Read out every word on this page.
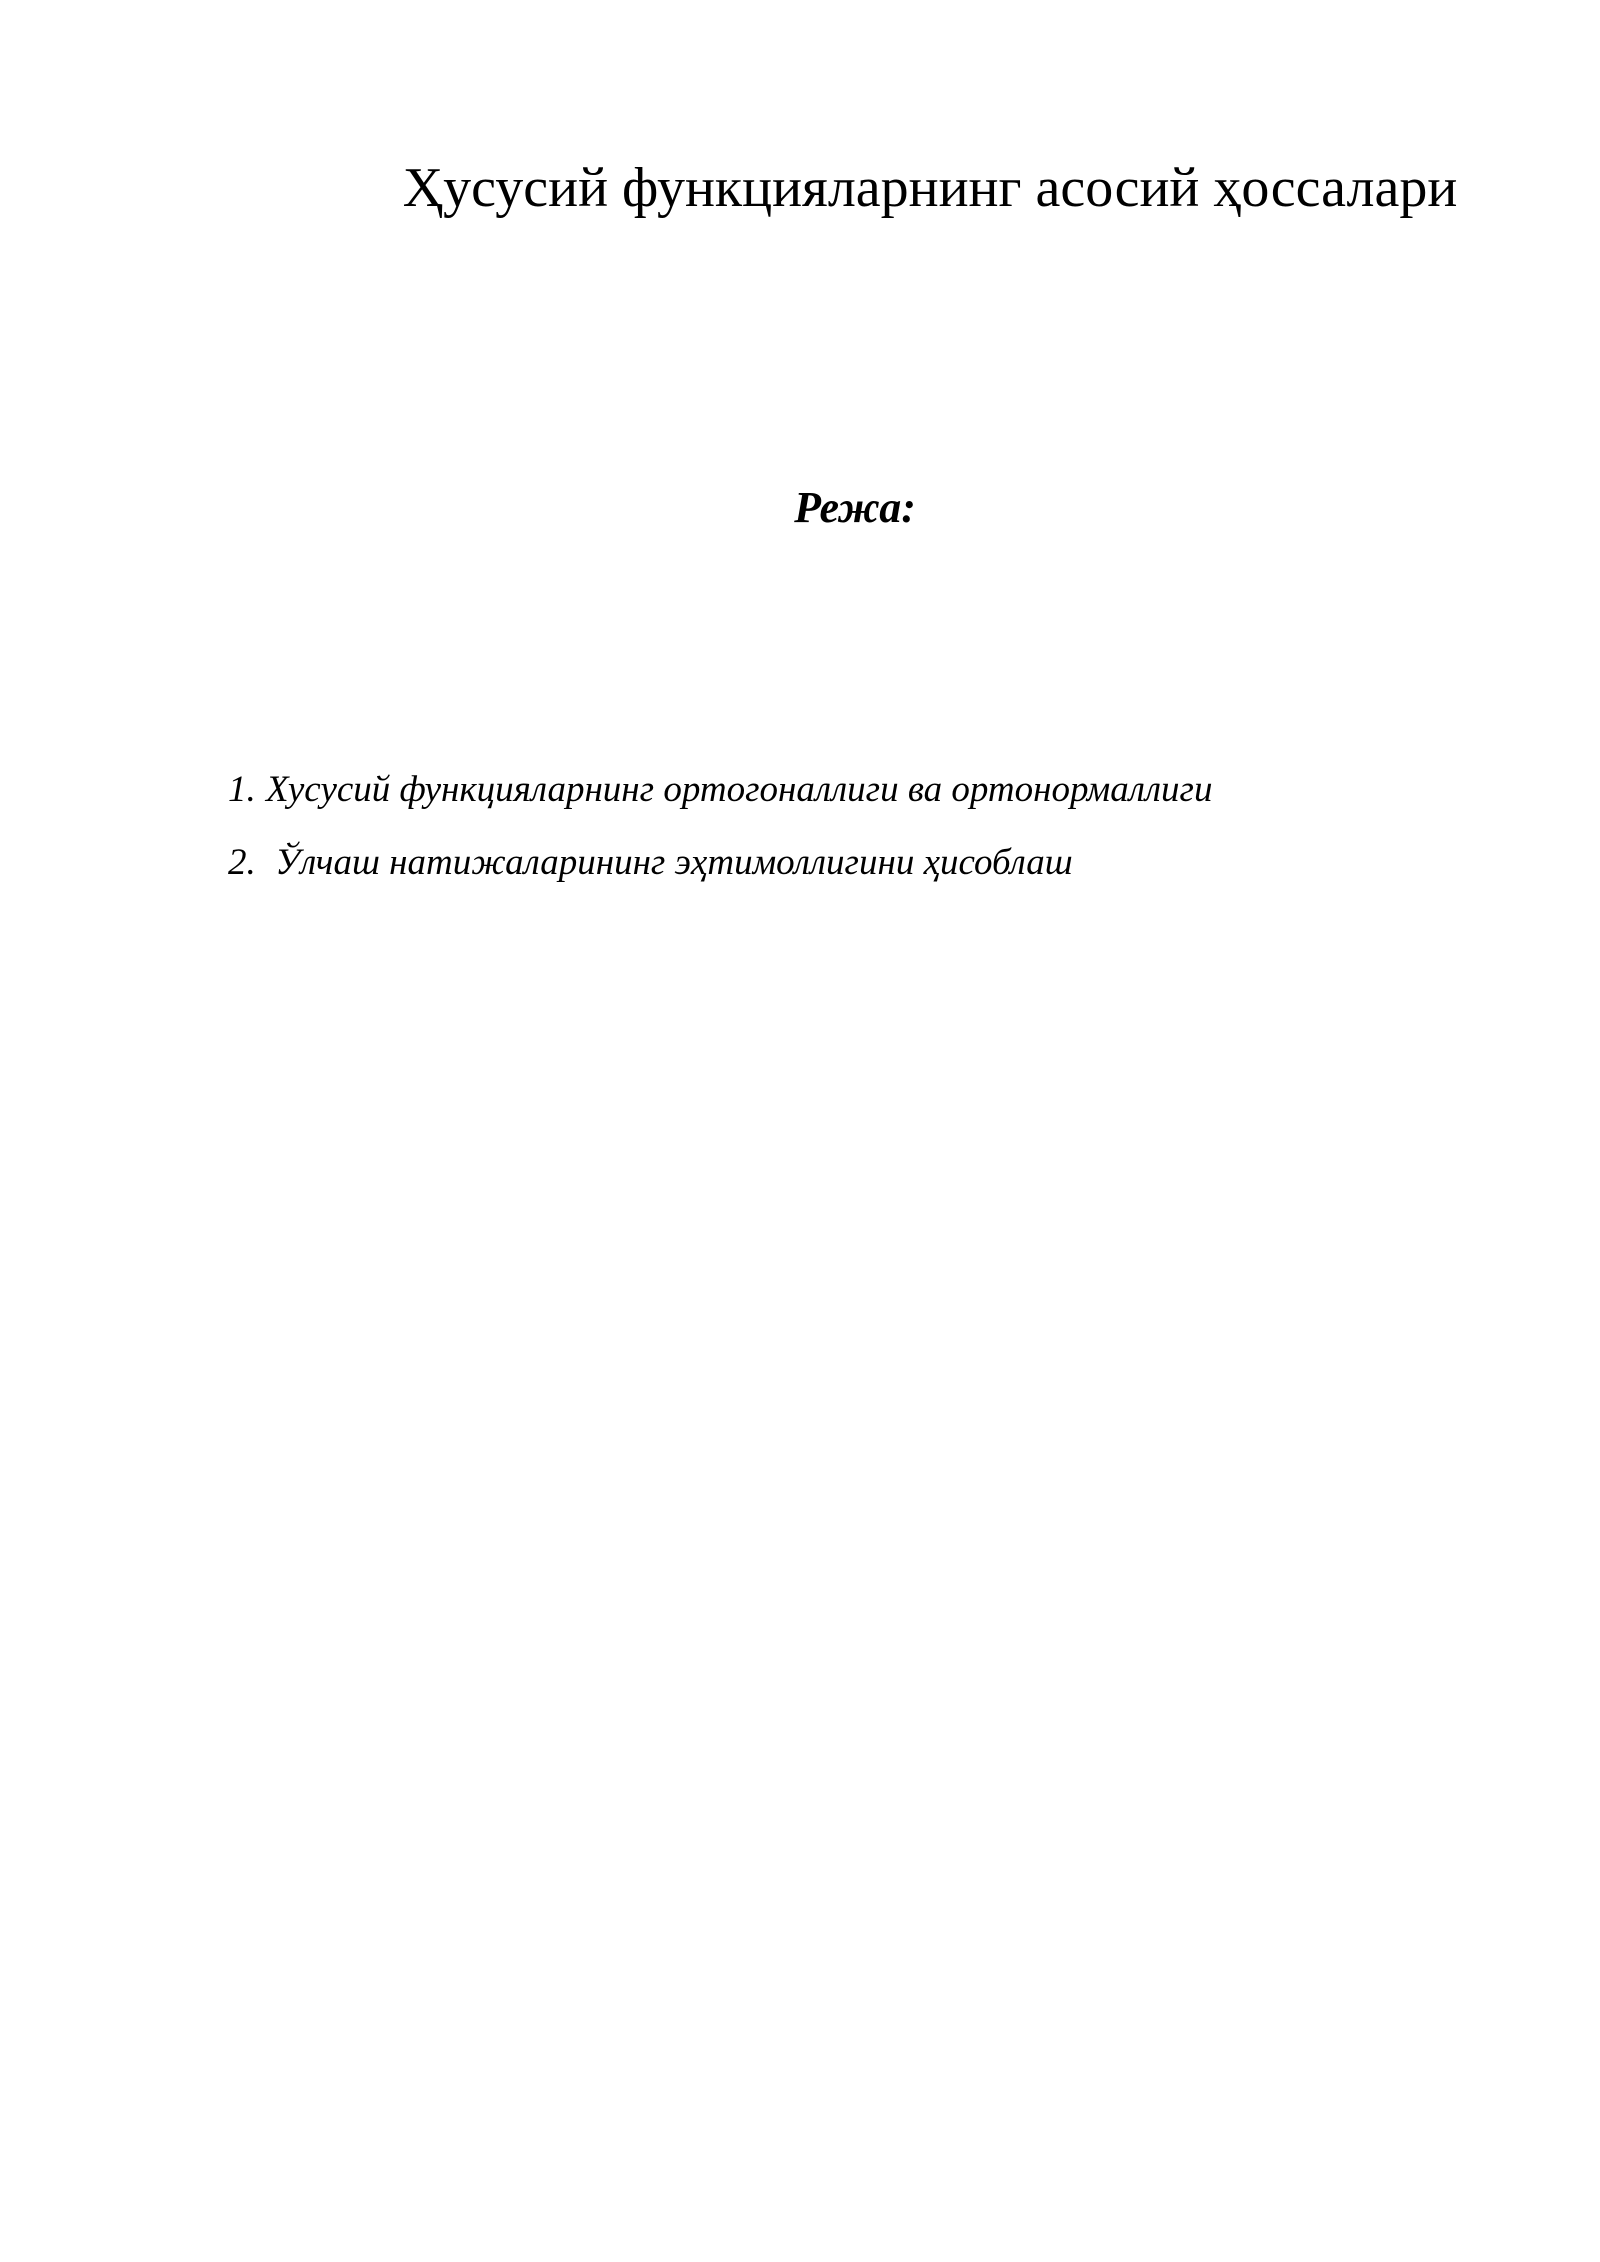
Ҳусусий функцияларнинг асосий ҳоссалари
Режа:
1. Хусусий функцияларнинг ортогоналлиги ва ортонормаллиги
2. Ўлчаш натижаларининг эҳтимоллигини ҳисоблаш
